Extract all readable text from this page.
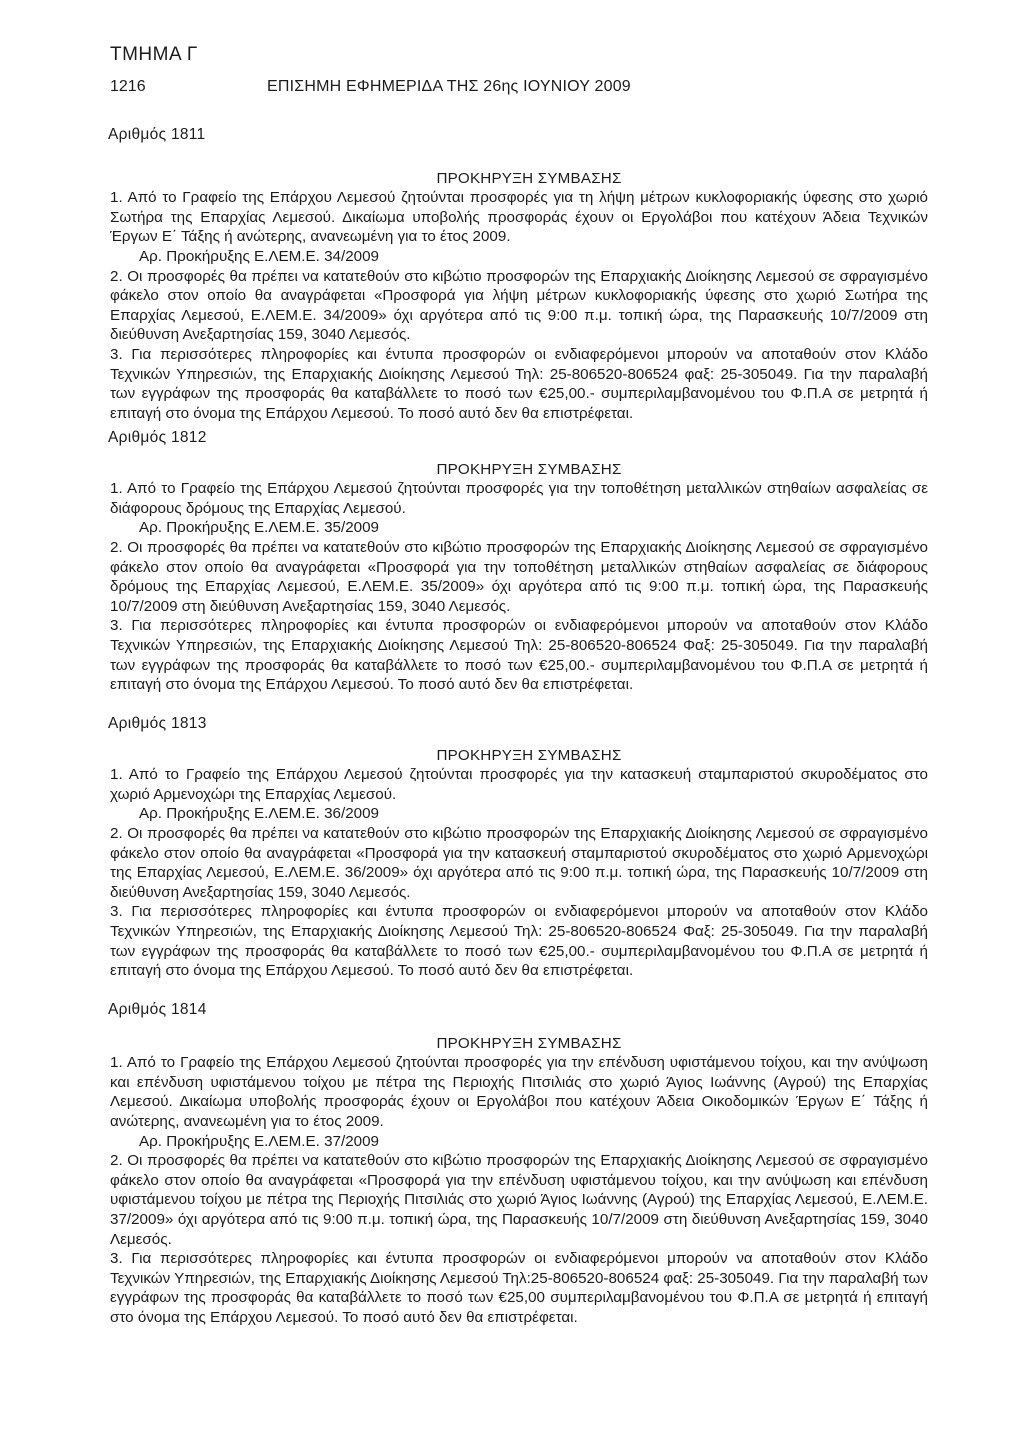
ΤΜΗΜΑ Γ
1216	ΕΠΙΣΗΜΗ ΕΦΗΜΕΡΙΔΑ ΤΗΣ 26ης ΙΟΥΝΙΟΥ 2009
Αριθμός 1811

ΠΡΟΚΗΡΥΞΗ ΣΥΜΒΑΣΗΣ

1. Από το Γραφείο της Επάρχου Λεμεσού ζητούνται προσφορές για τη λήψη μέτρων κυκλοφοριακής ύφεσης στο χωριό Σωτήρα της Επαρχίας Λεμεσού. Δικαίωμα υποβολής προσφοράς έχουν οι Εργολάβοι που κατέχουν Άδεια Τεχνικών Έργων Ε΄ Τάξης ή ανώτερης, ανανεωμένη για το έτος 2009.

Αρ. Προκήρυξης Ε.ΛΕΜ.Ε. 34/2009

2. Οι προσφορές θα πρέπει να κατατεθούν στο κιβώτιο προσφορών της Επαρχιακής Διοίκησης Λεμεσού σε σφραγισμένο φάκελο στον οποίο θα αναγράφεται «Προσφορά για λήψη μέτρων κυκλοφοριακής ύφεσης στο χωριό Σωτήρα της Επαρχίας Λεμεσού, Ε.ΛΕΜ.Ε. 34/2009» όχι αργότερα από τις 9:00 π.μ. τοπική ώρα, της Παρασκευής 10/7/2009 στη διεύθυνση Ανεξαρτησίας 159, 3040 Λεμεσός.

3. Για περισσότερες πληροφορίες και έντυπα προσφορών οι ενδιαφερόμενοι μπορούν να αποταθούν στον Κλάδο Τεχνικών Υπηρεσιών, της Επαρχιακής Διοίκησης Λεμεσού Τηλ: 25-806520-806524 φαξ: 25-305049. Για την παραλαβή των εγγράφων της προσφοράς θα καταβάλλετε το ποσό των €25,00.- συμπεριλαμβανομένου του Φ.Π.Α σε μετρητά ή επιταγή στο όνομα της Επάρχου Λεμεσού. Το ποσό αυτό δεν θα επιστρέφεται.

Αριθμός 1812

ΠΡΟΚΗΡΥΞΗ ΣΥΜΒΑΣΗΣ

1. Από το Γραφείο της Επάρχου Λεμεσού ζητούνται προσφορές για την τοποθέτηση μεταλλικών στηθαίων ασφαλείας σε διάφορους δρόμους της Επαρχίας Λεμεσού.

Αρ. Προκήρυξης Ε.ΛΕΜ.Ε. 35/2009

2. Οι προσφορές θα πρέπει να κατατεθούν στο κιβώτιο προσφορών της Επαρχιακής Διοίκησης Λεμεσού σε σφραγισμένο φάκελο στον οποίο θα αναγράφεται «Προσφορά για την τοποθέτηση μεταλλικών στηθαίων ασφαλείας σε διάφορους δρόμους της Επαρχίας Λεμεσού, Ε.ΛΕΜ.Ε. 35/2009» όχι αργότερα από τις 9:00 π.μ. τοπική ώρα, της Παρασκευής 10/7/2009 στη διεύθυνση Ανεξαρτησίας 159, 3040 Λεμεσός.

3. Για περισσότερες πληροφορίες και έντυπα προσφορών οι ενδιαφερόμενοι μπορούν να αποταθούν στον Κλάδο Τεχνικών Υπηρεσιών, της Επαρχιακής Διοίκησης Λεμεσού Τηλ: 25-806520-806524 Φαξ: 25-305049. Για την παραλαβή των εγγράφων της προσφοράς θα καταβάλλετε το ποσό των €25,00.- συμπεριλαμβανομένου του Φ.Π.Α σε μετρητά ή επιταγή στο όνομα της Επάρχου Λεμεσού. Το ποσό αυτό δεν θα επιστρέφεται.

Αριθμός 1813

ΠΡΟΚΗΡΥΞΗ ΣΥΜΒΑΣΗΣ

1. Από το Γραφείο της Επάρχου Λεμεσού ζητούνται προσφορές για την κατασκευή σταμπαριστού σκυροδέματος στο χωριό Αρμενοχώρι της Επαρχίας Λεμεσού.

Αρ. Προκήρυξης Ε.ΛΕΜ.Ε. 36/2009

2. Οι προσφορές θα πρέπει να κατατεθούν στο κιβώτιο προσφορών της Επαρχιακής Διοίκησης Λεμεσού σε σφραγισμένο φάκελο στον οποίο θα αναγράφεται «Προσφορά για την κατασκευή σταμπαριστού σκυροδέματος στο χωριό Αρμενοχώρι της Επαρχίας Λεμεσού, Ε.ΛΕΜ.Ε. 36/2009» όχι αργότερα από τις 9:00 π.μ. τοπική ώρα, της Παρασκευής 10/7/2009 στη διεύθυνση Ανεξαρτησίας 159, 3040 Λεμεσός.

3. Για περισσότερες πληροφορίες και έντυπα προσφορών οι ενδιαφερόμενοι μπορούν να αποταθούν στον Κλάδο Τεχνικών Υπηρεσιών, της Επαρχιακής Διοίκησης Λεμεσού Τηλ: 25-806520-806524 Φαξ: 25-305049. Για την παραλαβή των εγγράφων της προσφοράς θα καταβάλλετε το ποσό των €25,00.- συμπεριλαμβανομένου του Φ.Π.Α σε μετρητά ή επιταγή στο όνομα της Επάρχου Λεμεσού. Το ποσό αυτό δεν θα επιστρέφεται.

Αριθμός 1814

ΠΡΟΚΗΡΥΞΗ ΣΥΜΒΑΣΗΣ

1. Από το Γραφείο της Επάρχου Λεμεσού ζητούνται προσφορές για την επένδυση υφιστάμενου τοίχου, και την ανύψωση και επένδυση υφιστάμενου τοίχου με πέτρα της Περιοχής Πιτσιλιάς στο χωριό Άγιος Ιωάννης (Αγρού) της Επαρχίας Λεμεσού. Δικαίωμα υποβολής προσφοράς έχουν οι Εργολάβοι που κατέχουν Άδεια Οικοδομικών Έργων Ε΄ Τάξης ή ανώτερης, ανανεωμένη για το έτος 2009.

Αρ. Προκήρυξης Ε.ΛΕΜ.Ε. 37/2009

2. Οι προσφορές θα πρέπει να κατατεθούν στο κιβώτιο προσφορών της Επαρχιακής Διοίκησης Λεμεσού σε σφραγισμένο φάκελο στον οποίο θα αναγράφεται «Προσφορά για την επένδυση υφιστάμενου τοίχου, και την ανύψωση και επένδυση υφιστάμενου τοίχου με πέτρα της Περιοχής Πιτσιλιάς στο χωριό Άγιος Ιωάννης (Αγρού) της Επαρχίας Λεμεσού, Ε.ΛΕΜ.Ε. 37/2009» όχι αργότερα από τις 9:00 π.μ. τοπική ώρα, της Παρασκευής 10/7/2009 στη διεύθυνση Ανεξαρτησίας 159, 3040 Λεμεσός.

3. Για περισσότερες πληροφορίες και έντυπα προσφορών οι ενδιαφερόμενοι μπορούν να αποταθούν στον Κλάδο Τεχνικών Υπηρεσιών, της Επαρχιακής Διοίκησης Λεμεσού Τηλ:25-806520-806524 φαξ: 25-305049. Για την παραλαβή των εγγράφων της προσφοράς θα καταβάλλετε το ποσό των €25,00 συμπεριλαμβανομένου του Φ.Π.Α σε μετρητά ή επιταγή στο όνομα της Επάρχου Λεμεσού. Το ποσό αυτό δεν θα επιστρέφεται.
